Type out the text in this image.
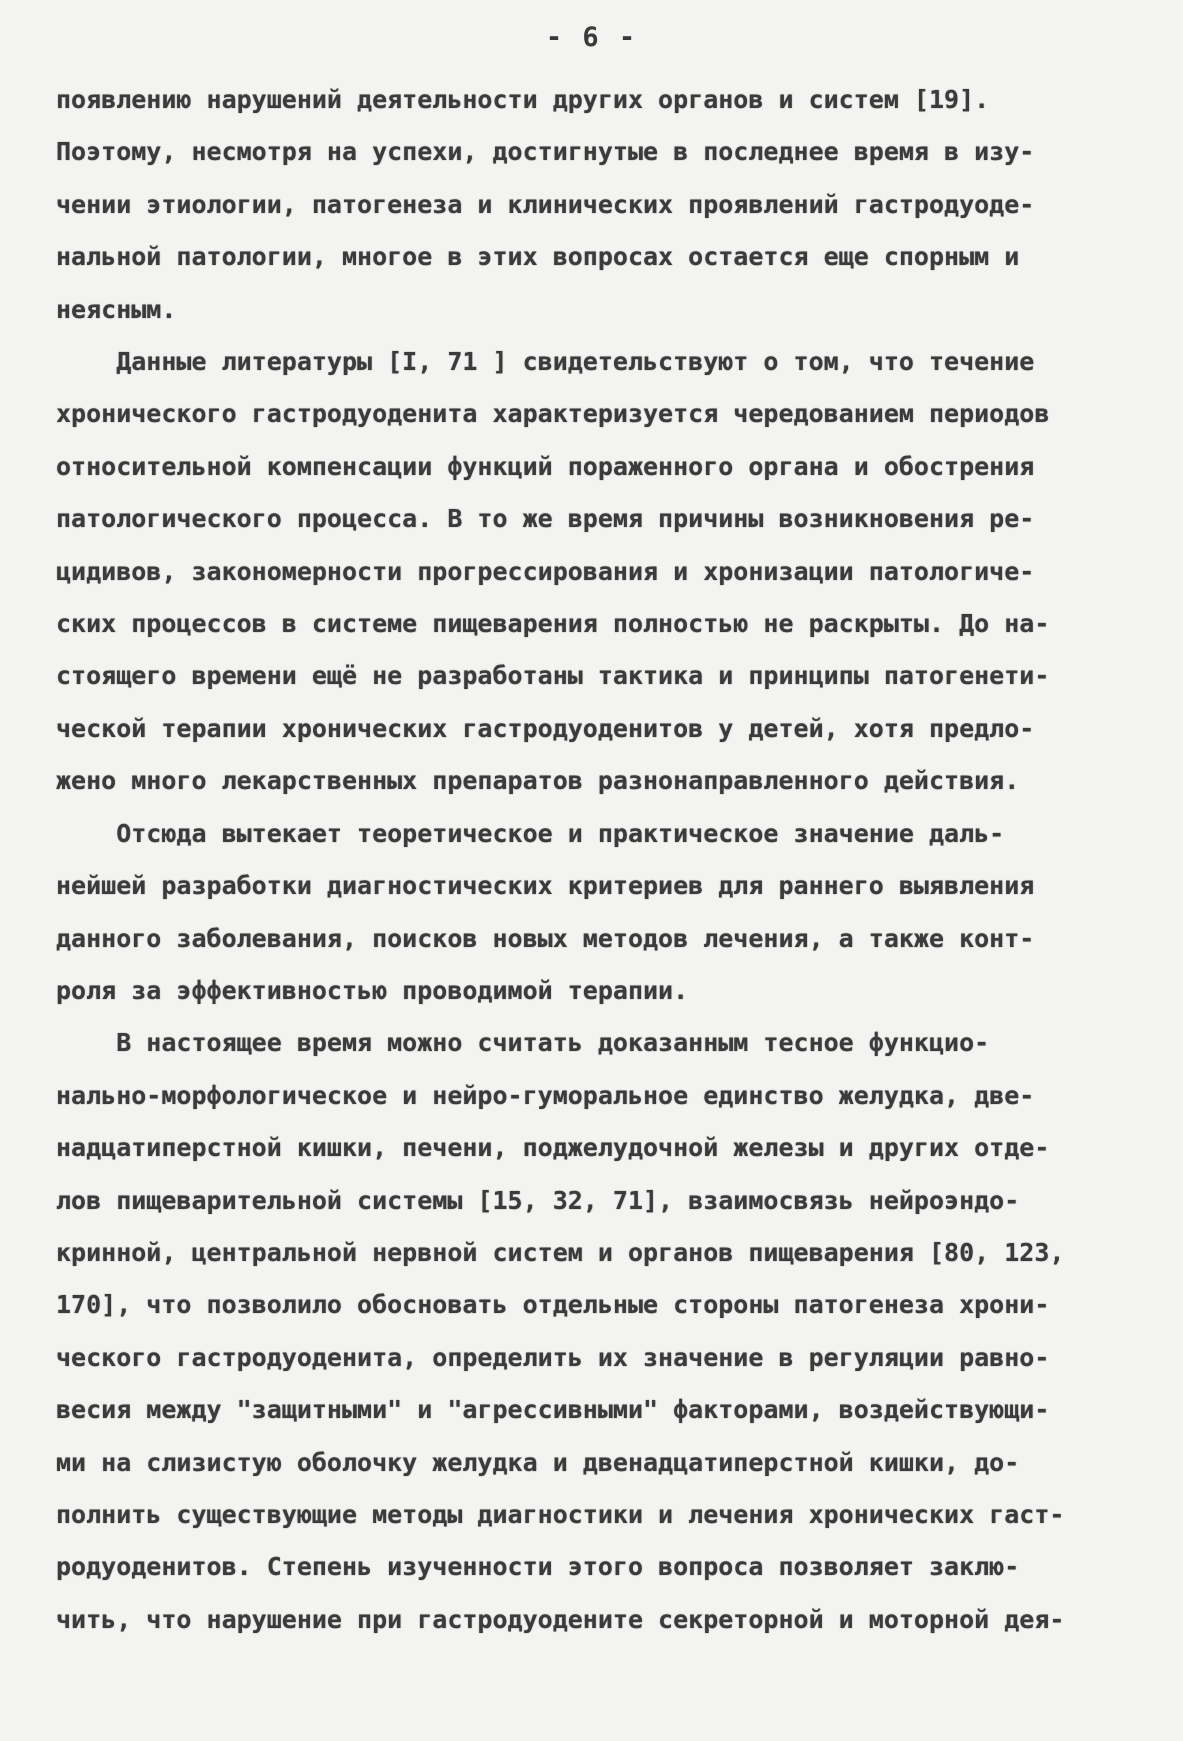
- 6 -
появлению нарушений деятельности других органов и систем [19].
Поэтому, несмотря на успехи, достигнутые в последнее время в изу-
чении этиологии, патогенеза и клинических проявлений гастродуоде-
нальной патологии, многое в этих вопросах остается еще спорным и
неясным.
Данные литературы [I, 71 ] свидетельствуют о том, что течение
хронического гастродуоденита характеризуется чередованием периодов
относительной компенсации функций пораженного органа и обострения
патологического процесса. В то же время причины возникновения ре-
цидивов, закономерности прогрессирования и хронизации патологиче-
ских процессов в системе пищеварения полностью не раскрыты. До на-
стоящего времени ещё не разработаны тактика и принципы патогенети-
ческой терапии хронических гастродуоденитов у детей, хотя предло-
жено много лекарственных препаратов разнонаправленного действия.
Отсюда вытекает теоретическое и практическое значение даль-
нейшей разработки диагностических критериев для раннего выявления
данного заболевания, поисков новых методов лечения, а также конт-
роля за эффективностью проводимой терапии.
В настоящее время можно считать доказанным тесное функцио-
нально-морфологическое и нейро-гуморальное единство желудка, две-
надцатиперстной кишки, печени, поджелудочной железы и других отде-
лов пищеварительной системы [15, 32, 71], взаимосвязь нейроэндо-
кринной, центральной нервной систем и органов пищеварения [80, 123,
170], что позволило обосновать отдельные стороны патогенеза хрони-
ческого гастродуоденита, определить их значение в регуляции равно-
весия между "защитными" и "агрессивными" факторами, воздействующи-
ми на слизистую оболочку желудка и двенадцатиперстной кишки, до-
полнить существующие методы диагностики и лечения хронических гаст-
родуоденитов. Степень изученности этого вопроса позволяет заклю-
чить, что нарушение при гастродуодените секреторной и моторной дея-
